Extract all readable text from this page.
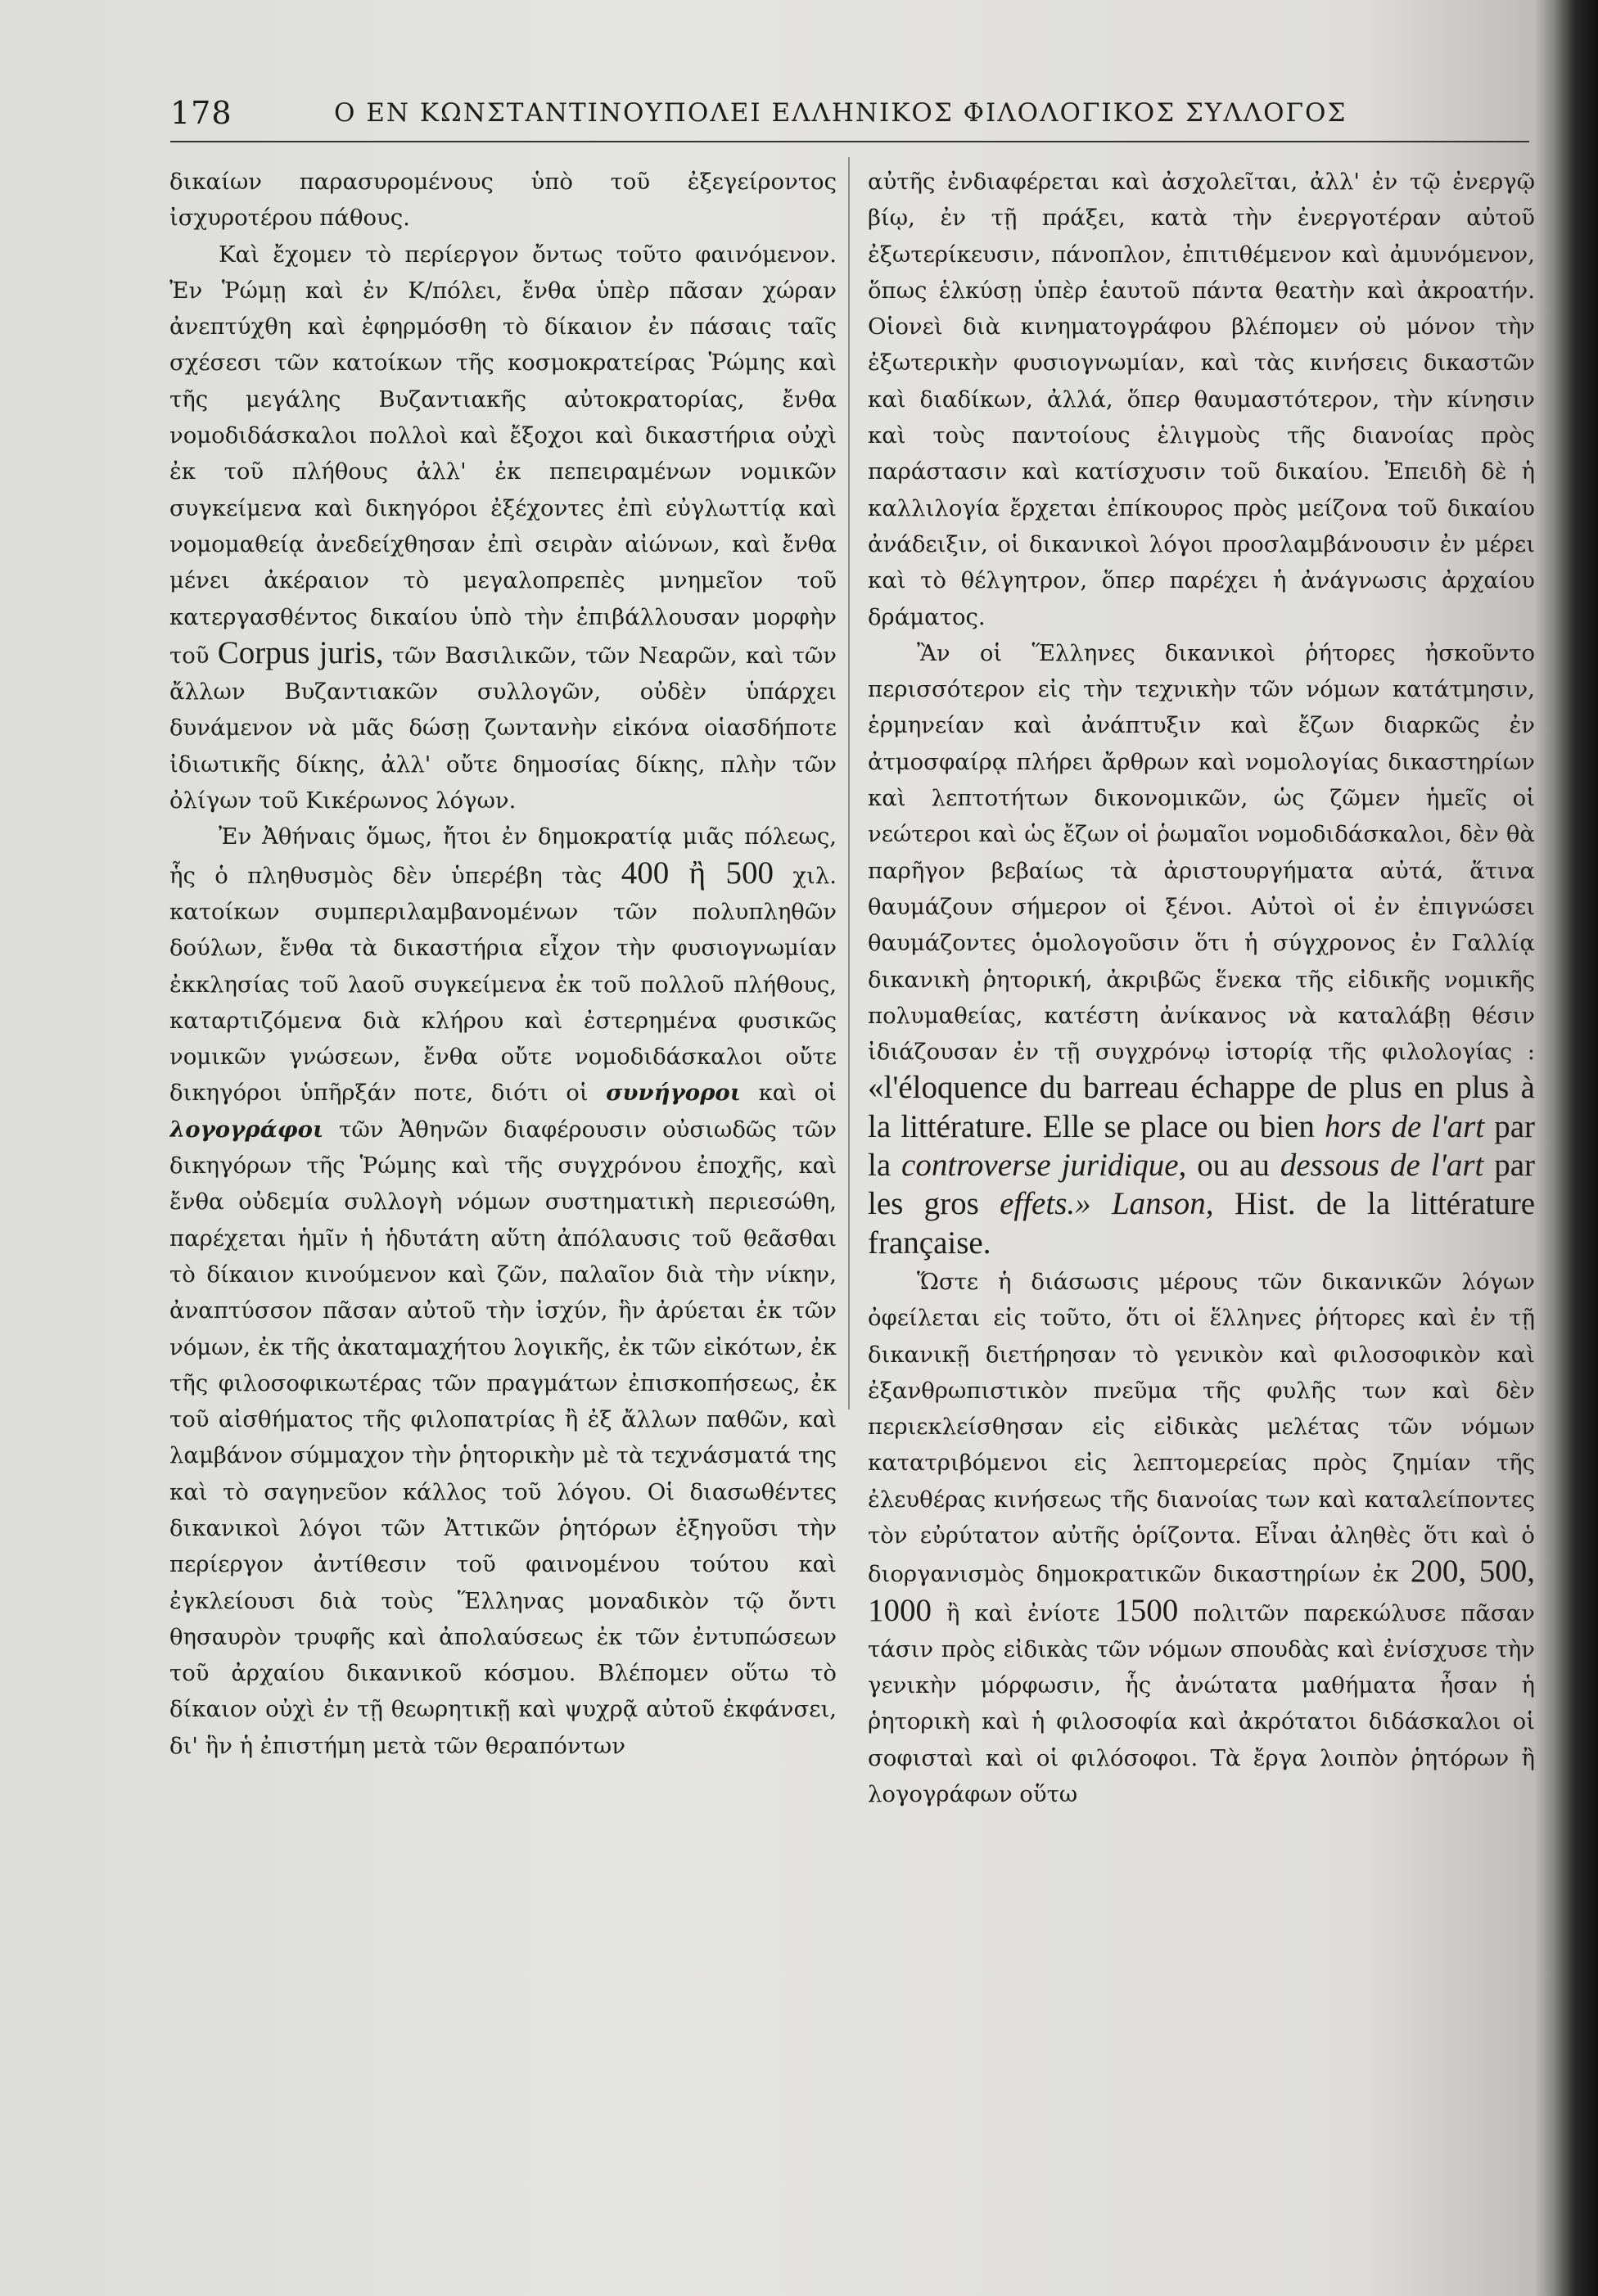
178	Ο ΕΝ ΚΩΝΣΤΑΝΤΙΝΟΥΠΟΛΕΙ ΕΛΛΗΝΙΚΟΣ ΦΙΛΟΛΟΓΙΚΟΣ ΣΥΛΛΟΓΟΣ

δικαίων παρασυρομένους ὑπὸ τοῦ ἐξεγείροντος ἰσχυροτέρου πάθους.

Καὶ ἔχομεν τὸ περίεργον ὄντως τοῦτο φαινόμενον. Ἐν Ῥώμῃ καὶ ἐν Κ/πόλει, ἔνθα ὑπὲρ πᾶσαν χώραν ἀνεπτύχθη καὶ ἐφηρμόσθη τὸ δίκαιον ἐν πάσαις ταῖς σχέσεσι τῶν κατοίκων τῆς κοσμοκρατείρας Ῥώμης καὶ τῆς μεγάλης Βυζαντιακῆς αὐτοκρατορίας, ἔνθα νομοδιδάσκαλοι πολλοὶ καὶ ἔξοχοι καὶ δικαστήρια οὐχὶ ἐκ τοῦ πλήθους ἀλλ' ἐκ πεπειραμένων νομικῶν συγκείμενα καὶ δικηγόροι ἐξέχοντες ἐπὶ εὐγλωττίᾳ καὶ νομομαθείᾳ ἀνεδείχθησαν ἐπὶ σειρὰν αἰώνων, καὶ ἔνθα μένει ἀκέραιον τὸ μεγαλοπρεπὲς μνημεῖον τοῦ κατεργασθέντος δικαίου ὑπὸ τὴν ἐπιβάλλουσαν μορφὴν τοῦ Corpus juris, τῶν Βασιλικῶν, τῶν Νεαρῶν, καὶ τῶν ἄλλων Βυζαντιακῶν συλλογῶν, οὐδὲν ὑπάρχει δυνάμενον νὰ μᾶς δώσῃ ζωντανὴν εἰκόνα οἱασδήποτε ἰδιωτικῆς δίκης, ἀλλ' οὔτε δημοσίας δίκης, πλὴν τῶν ὀλίγων τοῦ Κικέρωνος λόγων.

Ἐν Ἀθήναις ὅμως, ἤτοι ἐν δημοκρατίᾳ μιᾶς πόλεως, ἧς ὁ πληθυσμὸς δὲν ὑπερέβη τὰς 400 ἢ 500 χιλ. κατοίκων συμπεριλαμβανομένων τῶν πολυπληθῶν δούλων, ἔνθα τὰ δικαστήρια εἶχον τὴν φυσιογνωμίαν ἐκκλησίας τοῦ λαοῦ συγκείμενα ἐκ τοῦ πολλοῦ πλήθους, καταρτιζόμενα διὰ κλήρου καὶ ἐστερημένα φυσικῶς νομικῶν γνώσεων, ἔνθα οὔτε νομοδιδάσκαλοι οὔτε δικηγόροι ὑπῆρξάν ποτε, διότι οἱ συνήγοροι καὶ οἱ λογογράφοι τῶν Ἀθηνῶν διαφέρουσιν οὐσιωδῶς τῶν δικηγόρων τῆς Ῥώμης καὶ τῆς συγχρόνου ἐποχῆς, καὶ ἔνθα οὐδεμία συλλογὴ νόμων συστηματικὴ περιεσώθη, παρέχεται ἡμῖν ἡ ἡδυτάτη αὕτη ἀπόλαυσις τοῦ θεᾶσθαι τὸ δίκαιον κινούμενον καὶ ζῶν, παλαῖον διὰ τὴν νίκην, ἀναπτύσσον πᾶσαν αὐτοῦ τὴν ἰσχύν, ἣν ἀρύεται ἐκ τῶν νόμων, ἐκ τῆς ἀκαταμαχήτου λογικῆς, ἐκ τῶν εἰκότων, ἐκ τῆς φιλοσοφικωτέρας τῶν πραγμάτων ἐπισκοπήσεως, ἐκ τοῦ αἰσθήματος τῆς φιλοπατρίας ἢ ἐξ ἄλλων παθῶν, καὶ λαμβάνον σύμμαχον τὴν ῥητορικὴν μὲ τὰ τεχνάσματά της καὶ τὸ σαγηνεῦον κάλλος τοῦ λόγου. Οἱ διασωθέντες δικανικοὶ λόγοι τῶν Ἀττικῶν ῥητόρων ἐξηγοῦσι τὴν περίεργον ἀντίθεσιν τοῦ φαινομένου τούτου καὶ ἐγκλείουσι διὰ τοὺς Ἕλληνας μοναδικὸν τῷ ὄντι θησαυρὸν τρυφῆς καὶ ἀπολαύσεως ἐκ τῶν ἐντυπώσεων τοῦ ἀρχαίου δικανικοῦ κόσμου. Βλέπομεν οὕτω τὸ δίκαιον οὐχὶ ἐν τῇ θεωρητικῇ καὶ ψυχρᾷ αὐτοῦ ἐκφάνσει, δι' ἣν ἡ ἐπιστήμη μετὰ τῶν θεραπόντων

αὐτῆς ἐνδιαφέρεται καὶ ἀσχολεῖται, ἀλλ' ἐν τῷ ἐνεργῷ βίῳ, ἐν τῇ πράξει, κατὰ τὴν ἐνεργοτέραν αὐτοῦ ἐξωτερίκευσιν, πάνοπλον, ἐπιτιθέμενον καὶ ἀμυνόμενον, ὅπως ἑλκύσῃ ὑπὲρ ἑαυτοῦ πάντα θεατὴν καὶ ἀκροατήν. Οἱονεὶ διὰ κινηματογράφου βλέπομεν οὐ μόνον τὴν ἐξωτερικὴν φυσιογνωμίαν, καὶ τὰς κινήσεις δικαστῶν καὶ διαδίκων, ἀλλά, ὅπερ θαυμαστότερον, τὴν κίνησιν καὶ τοὺς παντοίους ἑλιγμοὺς τῆς διανοίας πρὸς παράστασιν καὶ κατίσχυσιν τοῦ δικαίου. Ἐπειδὴ δὲ ἡ καλλιλογία ἔρχεται ἐπίκουρος πρὸς μείζονα τοῦ δικαίου ἀνάδειξιν, οἱ δικανικοὶ λόγοι προσλαμβάνουσιν ἐν μέρει καὶ τὸ θέλγητρον, ὅπερ παρέχει ἡ ἀνάγνωσις ἀρχαίου δράματος.

Ἂν οἱ Ἕλληνες δικανικοὶ ῥήτορες ἠσκοῦντο περισσότερον εἰς τὴν τεχνικὴν τῶν νόμων κατάτμησιν, ἑρμηνείαν καὶ ἀνάπτυξιν καὶ ἔζων διαρκῶς ἐν ἀτμοσφαίρᾳ πλήρει ἄρθρων καὶ νομολογίας δικαστηρίων καὶ λεπτοτήτων δικονομικῶν, ὡς ζῶμεν ἡμεῖς οἱ νεώτεροι καὶ ὡς ἔζων οἱ ῥωμαῖοι νομοδιδάσκαλοι, δὲν θὰ παρῆγον βεβαίως τὰ ἀριστουργήματα αὐτά, ἅτινα θαυμάζουν σήμερον οἱ ξένοι. Αὐτοὶ οἱ ἐν ἐπιγνώσει θαυμάζοντες ὁμολογοῦσιν ὅτι ἡ σύγχρονος ἐν Γαλλίᾳ δικανικὴ ῥητορική, ἀκριβῶς ἕνεκα τῆς εἰδικῆς νομικῆς πολυμαθείας, κατέστη ἀνίκανος νὰ καταλάβῃ θέσιν ἰδιάζουσαν ἐν τῇ συγχρόνῳ ἱστορίᾳ τῆς φιλολογίας : «l'éloquence du barreau échappe de plus en plus à la littérature. Elle se place ou bien hors de l'art par la controverse juridique, ou au dessous de l'art par les gros effets.» Lanson, Hist. de la littérature française.

Ὥστε ἡ διάσωσις μέρους τῶν δικανικῶν λόγων ὀφείλεται εἰς τοῦτο, ὅτι οἱ ἕλληνες ῥήτορες καὶ ἐν τῇ δικανικῇ διετήρησαν τὸ γενικὸν καὶ φιλοσοφικὸν καὶ ἐξανθρωπιστικὸν πνεῦμα τῆς φυλῆς των καὶ δὲν περιεκλείσθησαν εἰς εἰδικὰς μελέτας τῶν νόμων κατατριβόμενοι εἰς λεπτομερείας πρὸς ζημίαν τῆς ἐλευθέρας κινήσεως τῆς διανοίας των καὶ καταλείποντες τὸν εὐρύτατον αὐτῆς ὁρίζοντα. Εἶναι ἀληθὲς ὅτι καὶ ὁ διοργανισμὸς δημοκρατικῶν δικαστηρίων ἐκ 200, 500, 1000 ἢ καὶ ἐνίοτε 1500 πολιτῶν παρεκώλυσε πᾶσαν τάσιν πρὸς εἰδικὰς τῶν νόμων σπουδὰς καὶ ἐνίσχυσε τὴν γενικὴν μόρφωσιν, ἧς ἀνώτατα μαθήματα ἦσαν ἡ ῥητορικὴ καὶ ἡ φιλοσοφία καὶ ἀκρότατοι διδάσκαλοι οἱ σοφισταὶ καὶ οἱ φιλόσοφοι. Τὰ ἔργα λοιπὸν ῥητόρων ἢ λογογράφων οὕτω
